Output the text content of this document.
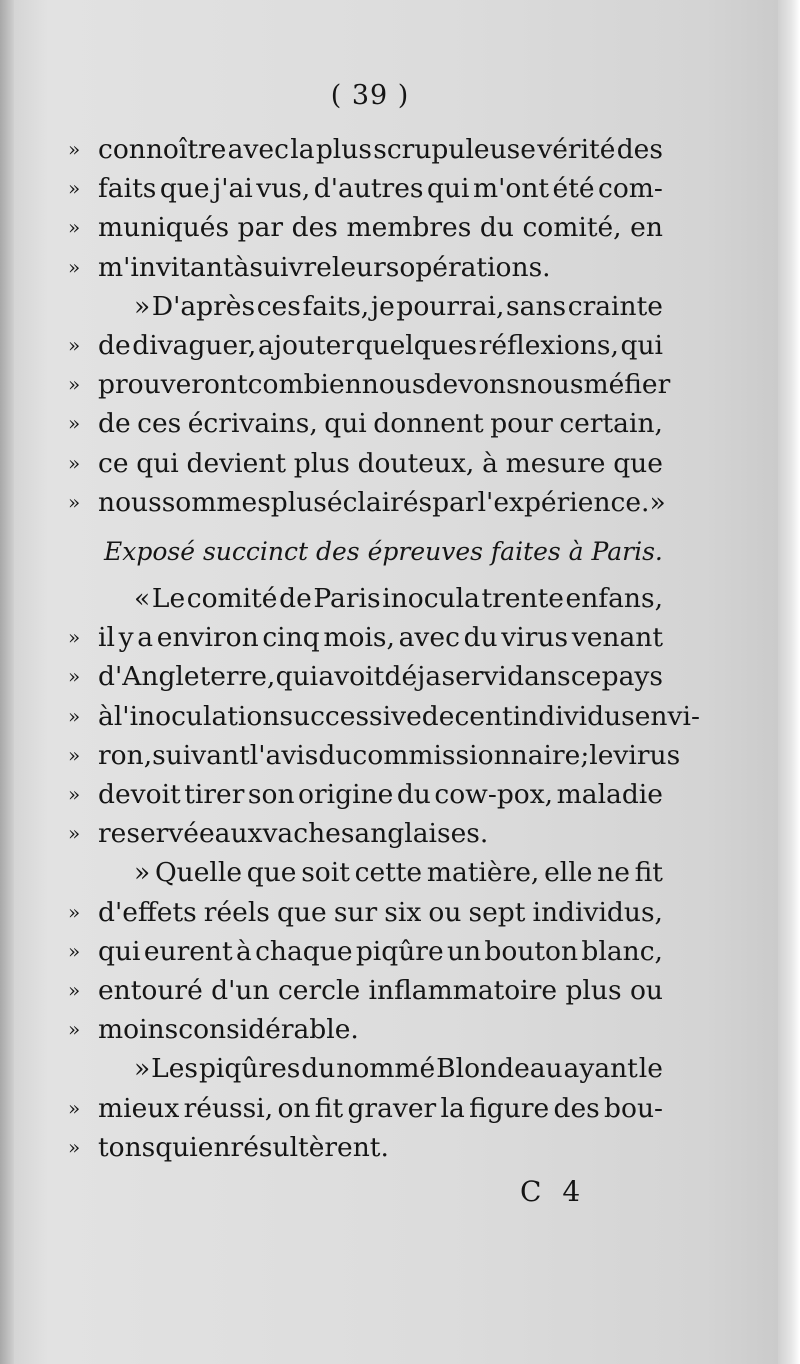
( 39 )
» connoître avec la plus scrupuleuse vérité des
» faits que j'ai vus, d'autres qui m'ont été com-
» muniqués par des membres du comité, en
» m'invitant à suivre leurs opérations.
» D'après ces faits, je pourrai, sans crainte
» de divaguer, ajouter quelques réflexions, qui
» prouveront combien nous devons nous méfier
» de ces écrivains, qui donnent pour certain,
» ce qui devient plus douteux, à mesure que
» nous sommes plus éclairés par l'expérience. »
Exposé succinct des épreuves faites à Paris.
« Le comité de Paris inocula trente enfans,
» il y a environ cinq mois, avec du virus venant
» d'Angleterre, qui avoit déja servi dans ce pays
» à l'inoculation successive de cent individus envi-
» ron, suivant l'avis du commissionnaire; le virus
» devoit tirer son origine du cow-pox, maladie
» reservée aux vaches anglaises.
» Quelle que soit cette matière, elle ne fit
» d'effets réels que sur six ou sept individus,
» qui eurent à chaque piqûre un bouton blanc,
» entouré d'un cercle inflammatoire plus ou
» moins considérable.
» Les piqûres du nommé Blondeau ayant le
» mieux réussi, on fit graver la figure des bou-
» tons qui en résultèrent.
C 4
